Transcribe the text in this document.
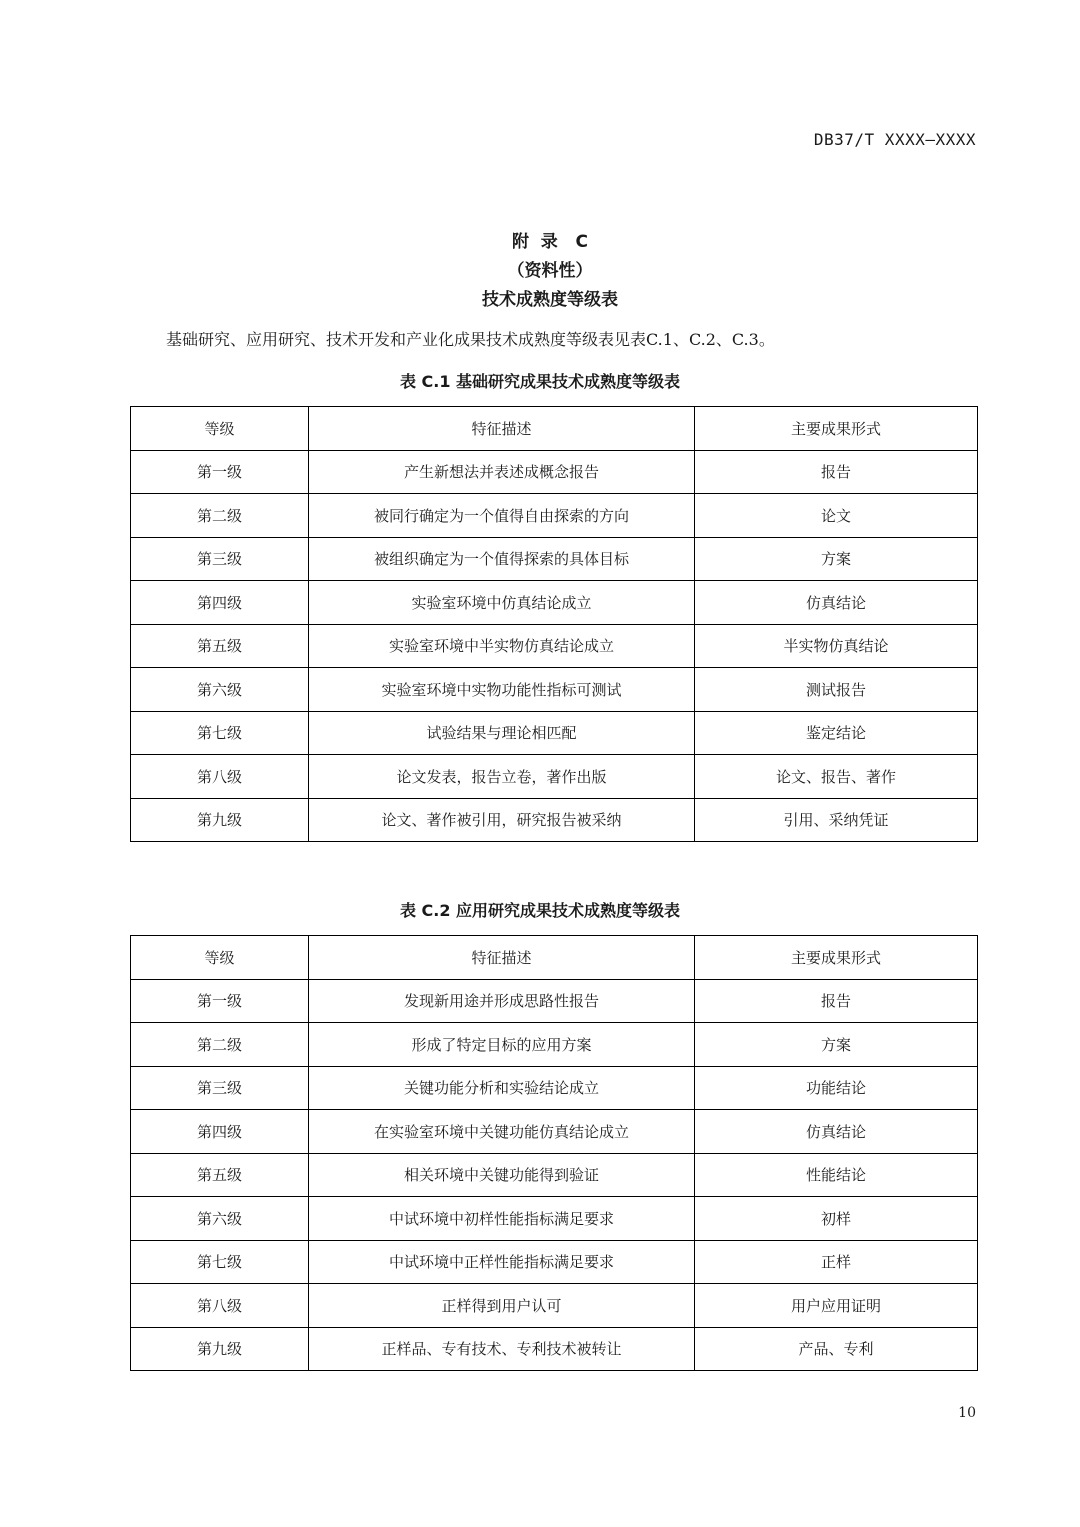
DB37/T XXXX—XXXX
附  录   C
（资料性）
技术成熟度等级表
基础研究、应用研究、技术开发和产业化成果技术成熟度等级表见表C.1、C.2、C.3。
表 C.1 基础研究成果技术成熟度等级表
等级	特征描述	主要成果形式
第一级	产生新想法并表述成概念报告	报告
第二级	被同行确定为一个值得自由探索的方向	论文
第三级	被组织确定为一个值得探索的具体目标	方案
第四级	实验室环境中仿真结论成立	仿真结论
第五级	实验室环境中半实物仿真结论成立	半实物仿真结论
第六级	实验室环境中实物功能性指标可测试	测试报告
第七级	试验结果与理论相匹配	鉴定结论
第八级	论文发表，报告立卷，著作出版	论文、报告、著作
第九级	论文、著作被引用，研究报告被采纳	引用、采纳凭证
表 C.2 应用研究成果技术成熟度等级表
等级	特征描述	主要成果形式
第一级	发现新用途并形成思路性报告	报告
第二级	形成了特定目标的应用方案	方案
第三级	关键功能分析和实验结论成立	功能结论
第四级	在实验室环境中关键功能仿真结论成立	仿真结论
第五级	相关环境中关键功能得到验证	性能结论
第六级	中试环境中初样性能指标满足要求	初样
第七级	中试环境中正样性能指标满足要求	正样
第八级	正样得到用户认可	用户应用证明
第九级	正样品、专有技术、专利技术被转让	产品、专利
10
